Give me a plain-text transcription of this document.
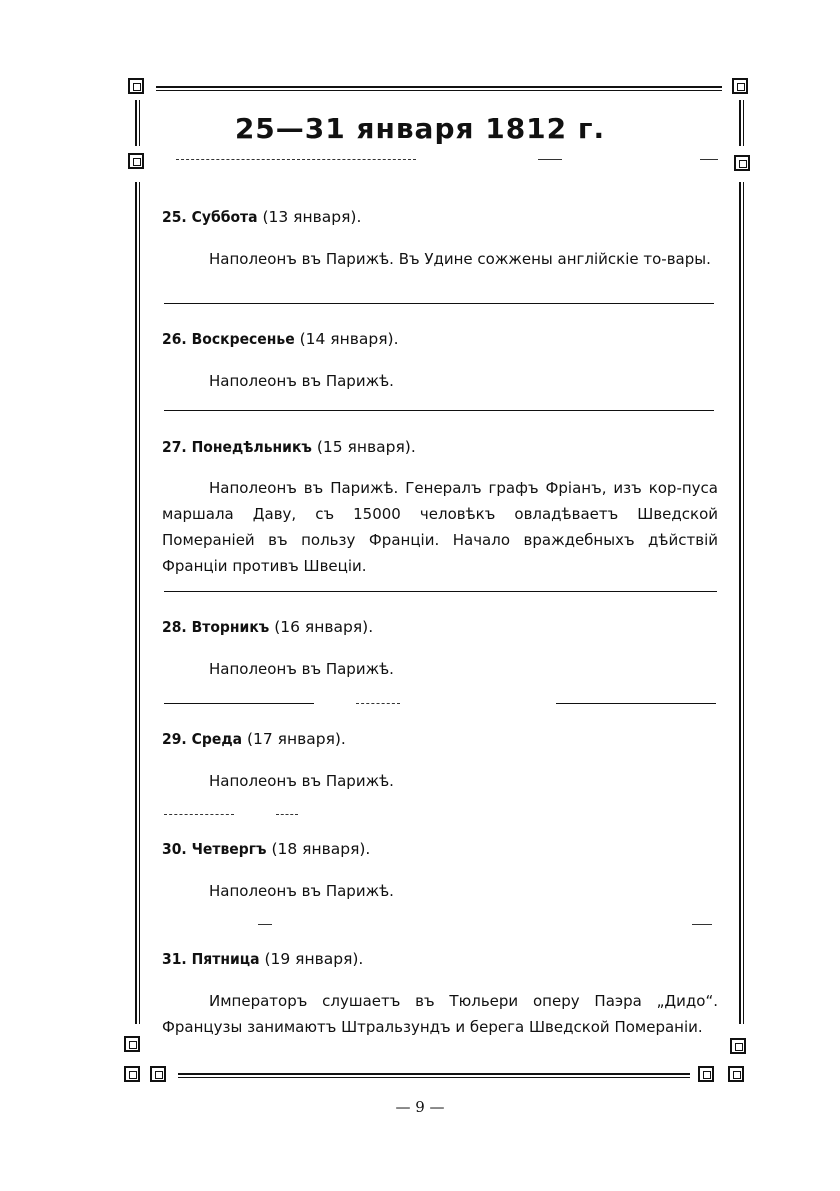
25—31 января 1812 г.
25. Суббота (13 января).
Наполеонъ въ Парижѣ. Въ Удине сожжены англійскіе то-вары.
26. Воскресенье (14 января).
Наполеонъ въ Парижѣ.
27. Понедѣльникъ (15 января).
Наполеонъ въ Парижѣ. Генералъ графъ Фріанъ, изъ кор-пуса маршала Даву, съ 15000 человѣкъ овладѣваетъ Шведской Помераніей въ пользу Франціи. Начало враждебныхъ дѣйствій Франціи противъ Швеціи.
28. Вторникъ (16 января).
Наполеонъ въ Парижѣ.
29. Среда (17 января).
Наполеонъ въ Парижѣ.
30. Четвергъ (18 января).
Наполеонъ въ Парижѣ.
31. Пятница (19 января).
Императоръ слушаетъ въ Тюльери оперу Паэра „Дидо“. Французы занимаютъ Штральзундъ и берега Шведской Помераніи.
— 9 —
